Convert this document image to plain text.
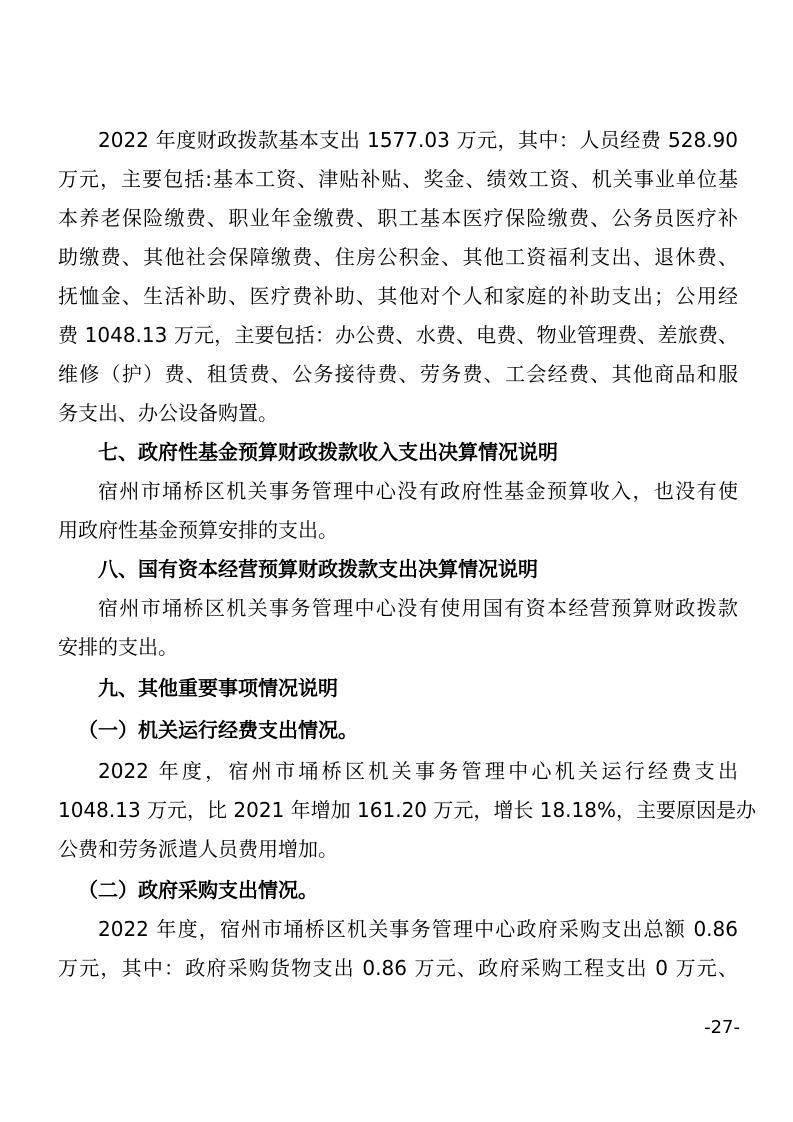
2022 年度财政拨款基本支出 1577.03 万元，其中：人员经费 528.90
万元，主要包括:基本工资、津贴补贴、奖金、绩效工资、机关事业单位基
本养老保险缴费、职业年金缴费、职工基本医疗保险缴费、公务员医疗补
助缴费、其他社会保障缴费、住房公积金、其他工资福利支出、退休费、
抚恤金、生活补助、医疗费补助、其他对个人和家庭的补助支出；公用经
费 1048.13 万元，主要包括：办公费、水费、电费、物业管理费、差旅费、
维修（护）费、租赁费、公务接待费、劳务费、工会经费、其他商品和服
务支出、办公设备购置。
七、政府性基金预算财政拨款收入支出决算情况说明
宿州市埇桥区机关事务管理中心没有政府性基金预算收入，也没有使
用政府性基金预算安排的支出。
八、国有资本经营预算财政拨款支出决算情况说明
宿州市埇桥区机关事务管理中心没有使用国有资本经营预算财政拨款
安排的支出。
九、其他重要事项情况说明
（一）机关运行经费支出情况。
2022 年度，宿州市埇桥区机关事务管理中心机关运行经费支出
1048.13 万元，比 2021 年增加 161.20 万元，增长 18.18%，主要原因是办
公费和劳务派遣人员费用增加。
（二）政府采购支出情况。
2022 年度，宿州市埇桥区机关事务管理中心政府采购支出总额 0.86
万元，其中：政府采购货物支出 0.86 万元、政府采购工程支出 0 万元、
-27-
